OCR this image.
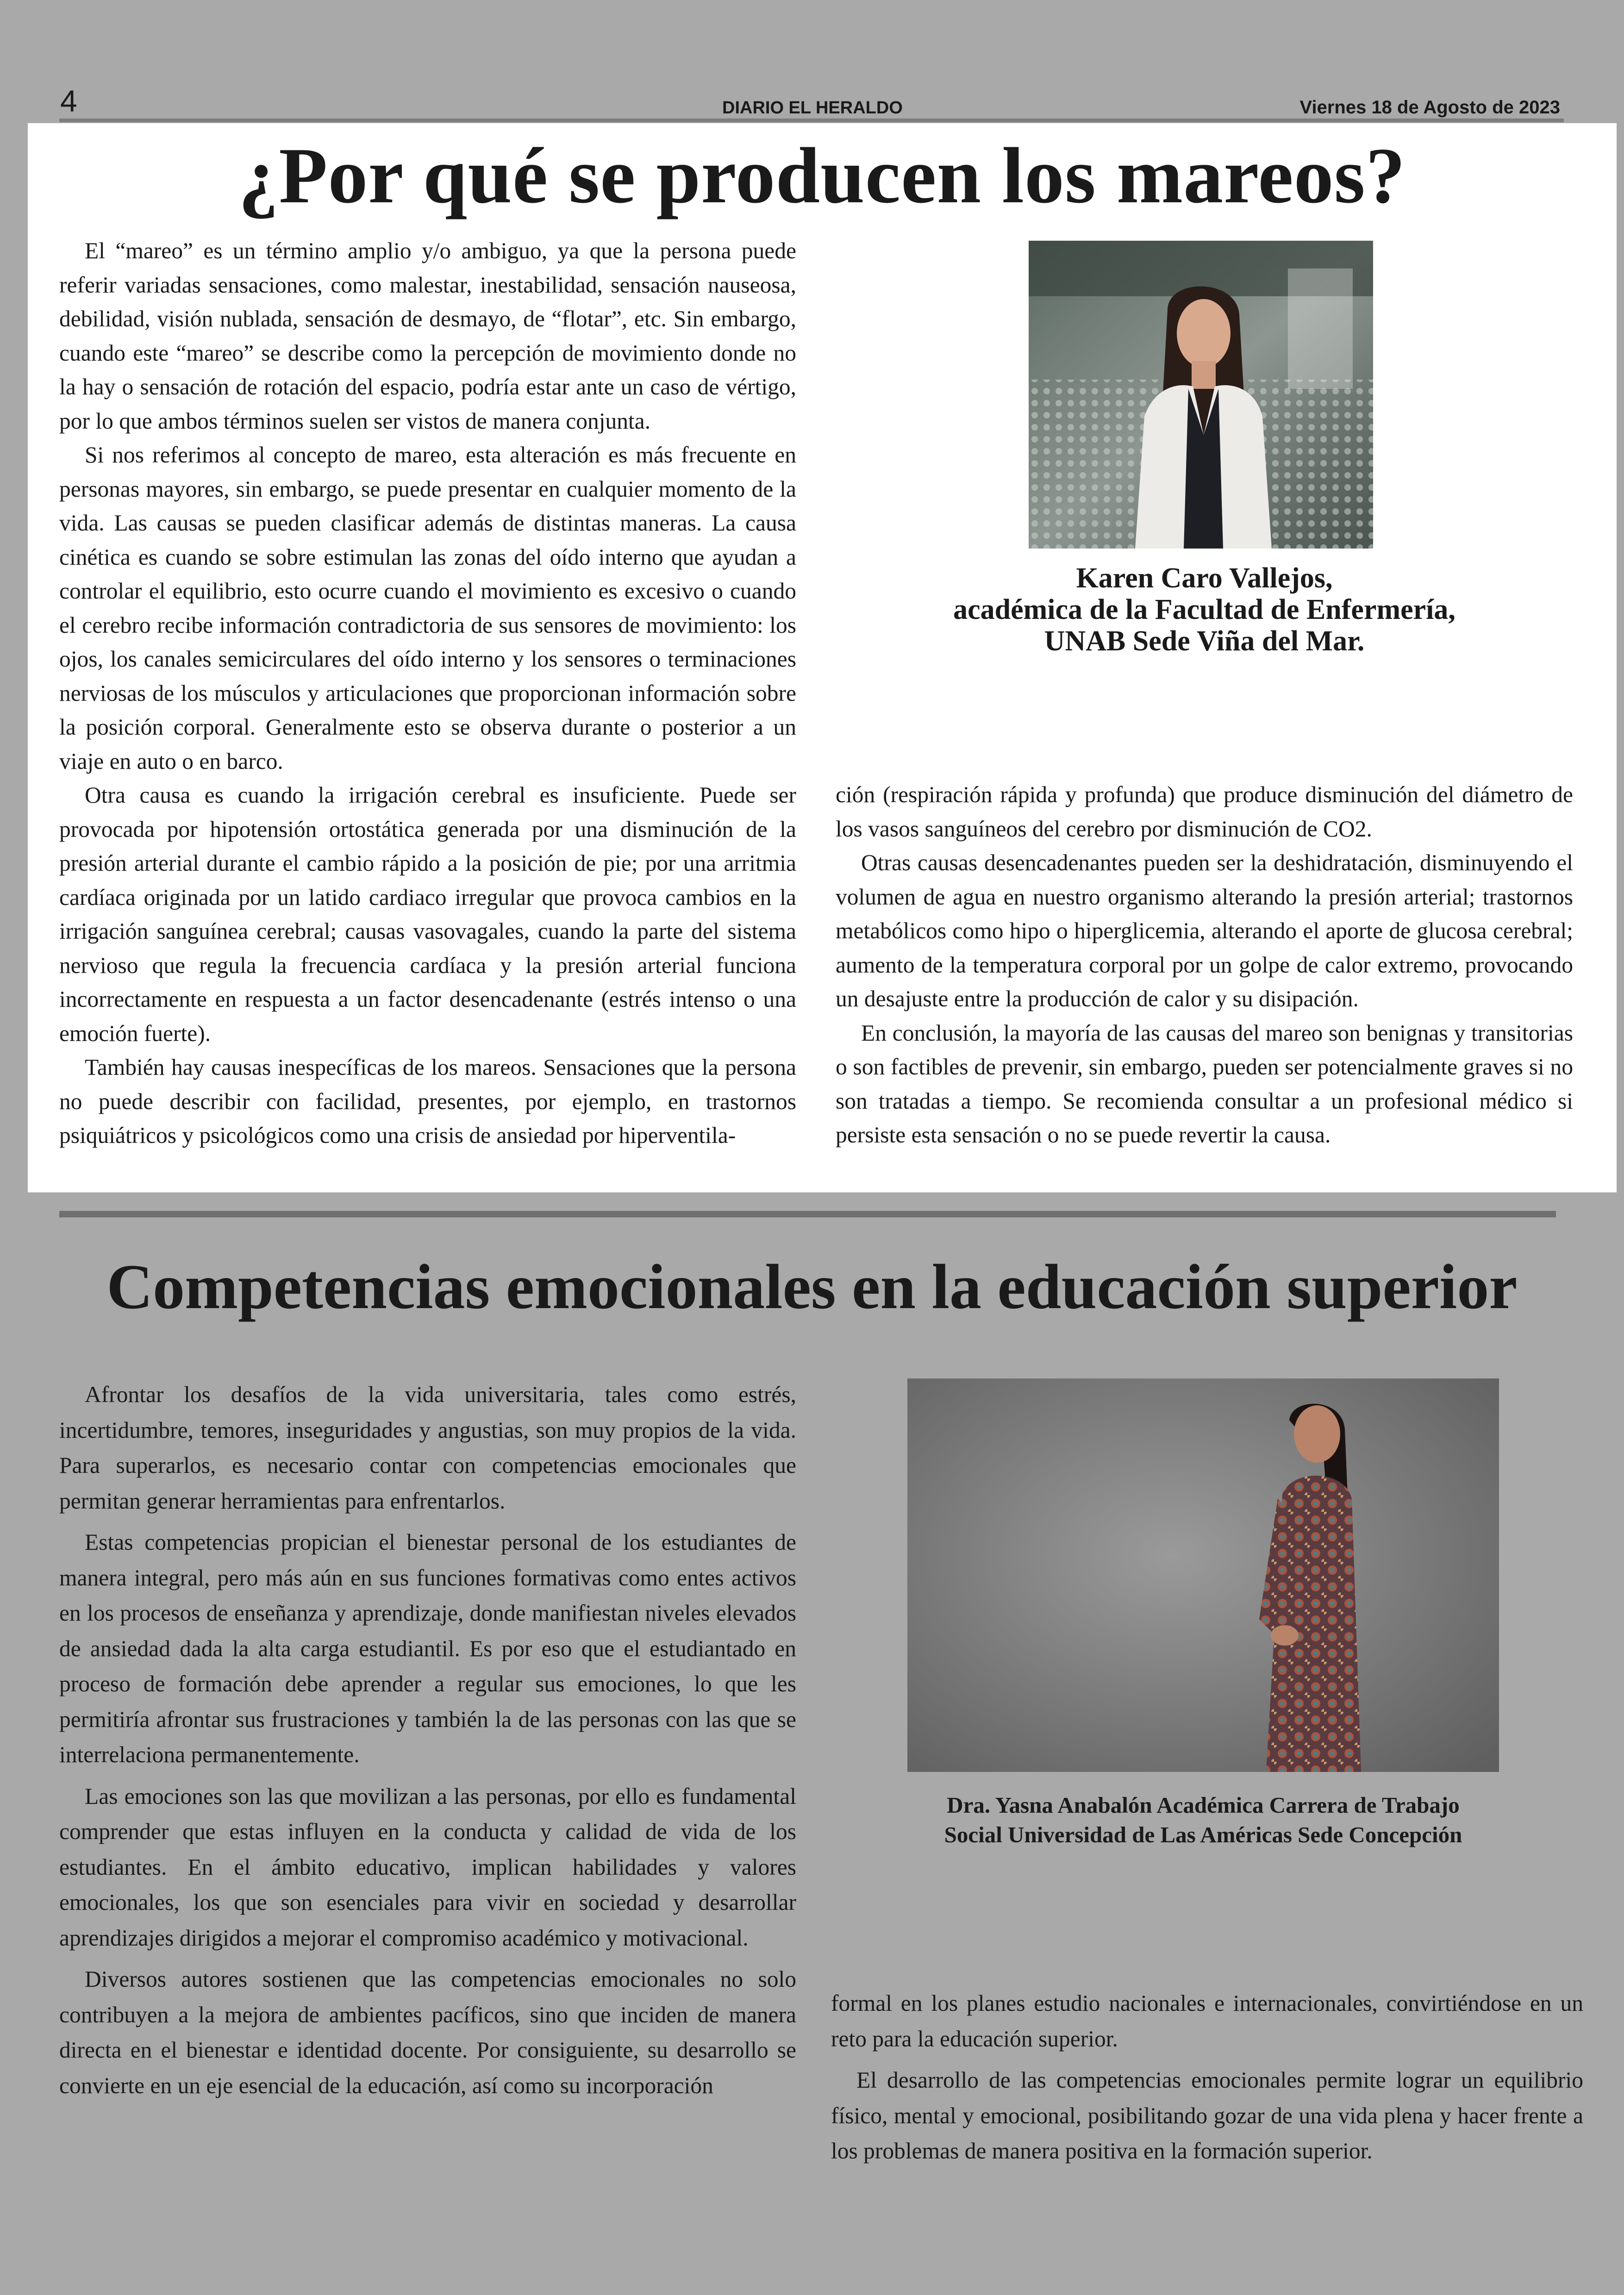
4	DIARIO EL HERALDO	Viernes 18 de Agosto de 2023
¿Por qué se producen los mareos?

El “mareo” es un término amplio y/o ambiguo, ya que la persona puede referir variadas sensaciones, como malestar, inestabilidad, sensación nauseosa, debilidad, visión nublada, sensación de desmayo, de “flotar”, etc. Sin embargo, cuando este “mareo” se describe como la percepción de movimiento donde no la hay o sensación de rotación del espacio, podría estar ante un caso de vértigo, por lo que ambos términos suelen ser vistos de manera conjunta.

Si nos referimos al concepto de mareo, esta alteración es más frecuente en personas mayores, sin embargo, se puede presentar en cualquier momento de la vida. Las causas se pueden clasificar además de distintas maneras. La causa cinética es cuando se sobre estimulan las zonas del oído interno que ayudan a controlar el equilibrio, esto ocurre cuando el movimiento es excesivo o cuando el cerebro recibe información contradictoria de sus sensores de movimiento: los ojos, los canales semicirculares del oído interno y los sensores o terminaciones nerviosas de los músculos y articulaciones que proporcionan información sobre la posición corporal. Generalmente esto se observa durante o posterior a un viaje en auto o en barco.

Otra causa es cuando la irrigación cerebral es insuficiente. Puede ser provocada por hipotensión ortostática generada por una disminución de la presión arterial durante el cambio rápido a la posición de pie; por una arritmia cardíaca originada por un latido cardiaco irregular que provoca cambios en la irrigación sanguínea cerebral; causas vasovagales, cuando la parte del sistema nervioso que regula la frecuencia cardíaca y la presión arterial funciona incorrectamente en respuesta a un factor desencadenante (estrés intenso o una emoción fuerte).

También hay causas inespecíficas de los mareos. Sensaciones que la persona no puede describir con facilidad, presentes, por ejemplo, en trastornos psiquiátricos y psicológicos como una crisis de ansiedad por hiperventila-

Karen Caro Vallejos,
académica de la Facultad de Enfermería,
UNAB Sede Viña del Mar.

ción (respiración rápida y profunda) que produce disminución del diámetro de los vasos sanguíneos del cerebro por disminución de CO2.

Otras causas desencadenantes pueden ser la deshidratación, disminuyendo el volumen de agua en nuestro organismo alterando la presión arterial; trastornos metabólicos como hipo o hiperglicemia, alterando el aporte de glucosa cerebral; aumento de la temperatura corporal por un golpe de calor extremo, provocando un desajuste entre la producción de calor y su disipación.

En conclusión, la mayoría de las causas del mareo son benignas y transitorias o son factibles de prevenir, sin embargo, pueden ser potencialmente graves si no son tratadas a tiempo. Se recomienda consultar a un profesional médico si persiste esta sensación o no se puede revertir la causa.

Competencias emocionales en la educación superior

Afrontar los desafíos de la vida universitaria, tales como estrés, incertidumbre, temores, inseguridades y angustias, son muy propios de la vida. Para superarlos, es necesario contar con competencias emocionales que permitan generar herramientas para enfrentarlos.

Estas competencias propician el bienestar personal de los estudiantes de manera integral, pero más aún en sus funciones formativas como entes activos en los procesos de enseñanza y aprendizaje, donde manifiestan niveles elevados de ansiedad dada la alta carga estudiantil. Es por eso que el estudiantado en proceso de formación debe aprender a regular sus emociones, lo que les permitiría afrontar sus frustraciones y también la de las personas con las que se interrelaciona permanentemente.

Las emociones son las que movilizan a las personas, por ello es fundamental comprender que estas influyen en la conducta y calidad de vida de los estudiantes. En el ámbito educativo, implican habilidades y valores emocionales, los que son esenciales para vivir en sociedad y desarrollar aprendizajes dirigidos a mejorar el compromiso académico y motivacional.

Diversos autores sostienen que las competencias emocionales no solo contribuyen a la mejora de ambientes pacíficos, sino que inciden de manera directa en el bienestar e identidad docente. Por consiguiente, su desarrollo se convierte en un eje esencial de la educación, así como su incorporación

Dra. Yasna Anabalón Académica Carrera de Trabajo
Social Universidad de Las Américas Sede Concepción

formal en los planes estudio nacionales e internacionales, convirtiéndose en un reto para la educación superior.

El desarrollo de las competencias emocionales permite lograr un equilibrio físico, mental y emocional, posibilitando gozar de una vida plena y hacer frente a los problemas de manera positiva en la formación superior.
